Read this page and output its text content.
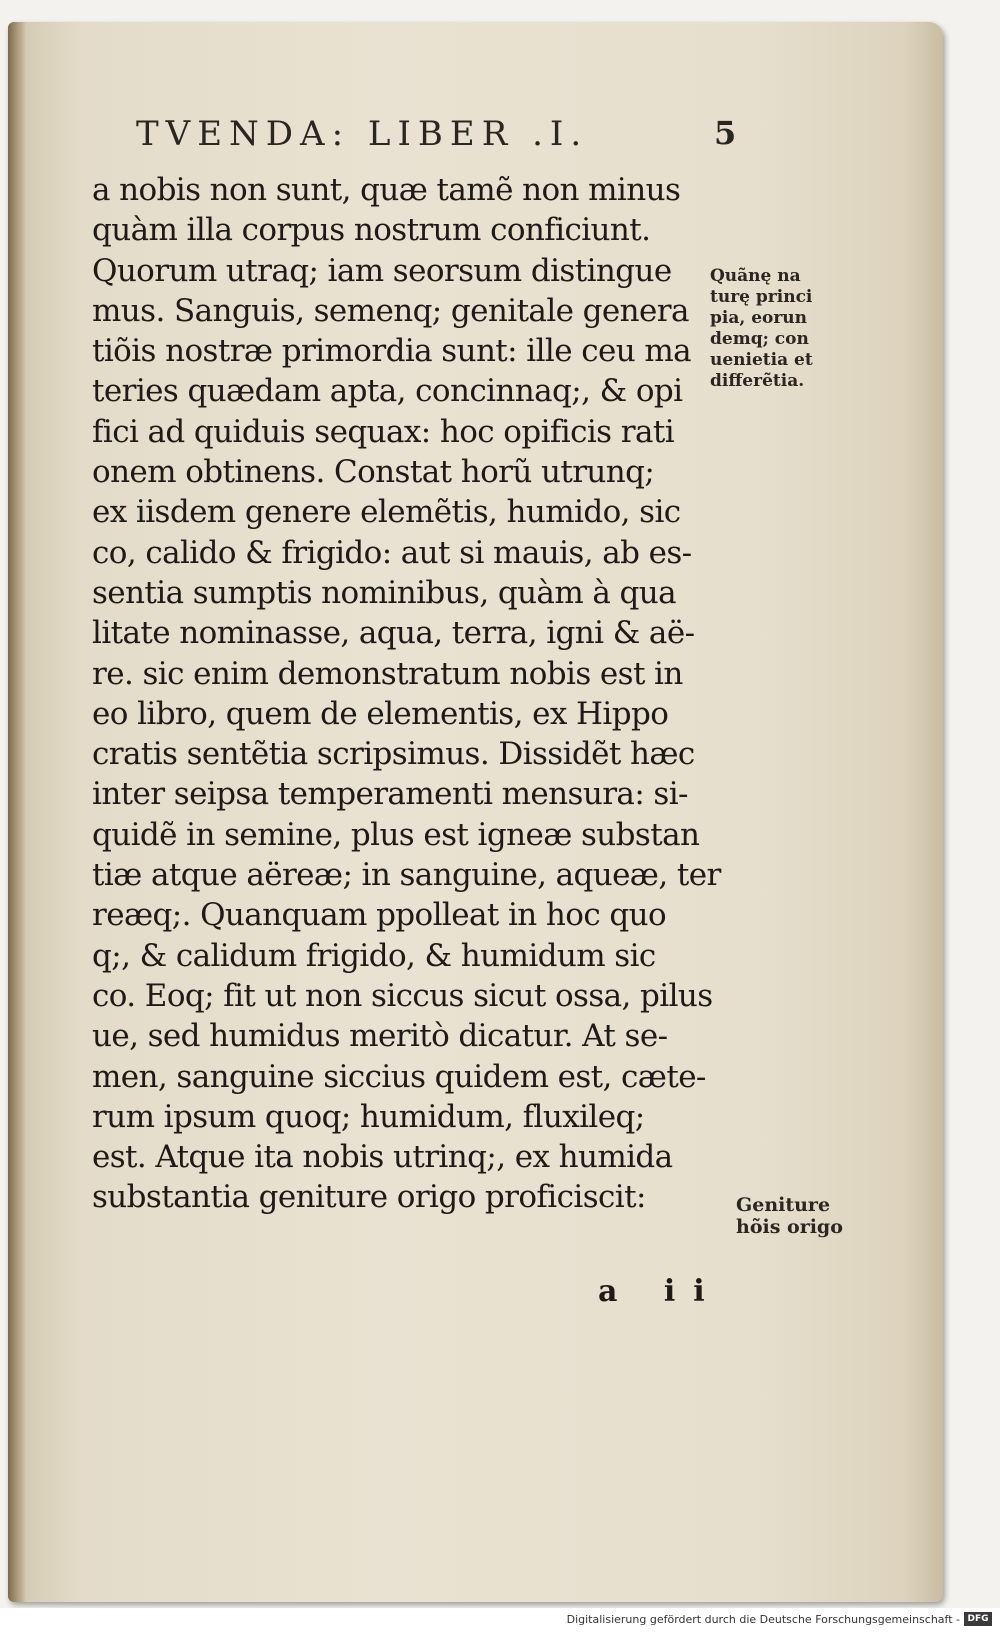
TVENDA: LIBER .I.	5
a nobis non sunt, quæ tamẽ non minus
quàm illa corpus nostrum conficiunt.
Quorum utraq; iam seorsum distingue
mus. Sanguis, semenq; genitale genera
tiõis nostræ primordia sunt: ille ceu ma
teries quædam apta, concinnaq;, & opi
fici ad quiduis sequax: hoc opificis rati
onem obtinens. Constat horũ utrunq;
ex iisdem genere elemẽtis, humido, sic
co, calido & frigido: aut si mauis, ab es-
sentia sumptis nominibus, quàm à qua
litate nominasse, aqua, terra, igni & aë-
re. sic enim demonstratum nobis est in
eo libro, quem de elementis, ex Hippo
cratis sentẽtia scripsimus. Dissidẽt hæc
inter seipsa temperamenti mensura: si-
quidẽ in semine, plus est igneæ substan
tiæ atque aëreæ; in sanguine, aqueæ, ter
reæq;. Quanquam ppolleat in hoc quo
q;, & calidum frigido, & humidum sic
co. Eoq; fit ut non siccus sicut ossa, pilus
ue, sed humidus meritò dicatur. At se-
men, sanguine siccius quidem est, cæte-
rum ipsum quoq; humidum, fluxileq;
est. Atque ita nobis utrinq;, ex humida
substantia geniture origo proficiscit:
Quãnę na
turę princi
pia, eorun
demq; con
uenietia et
differẽtia.
Geniture
hõis origo
a ii
Digitalisierung gefördert durch die Deutsche Forschungsgemeinschaft - DFG
